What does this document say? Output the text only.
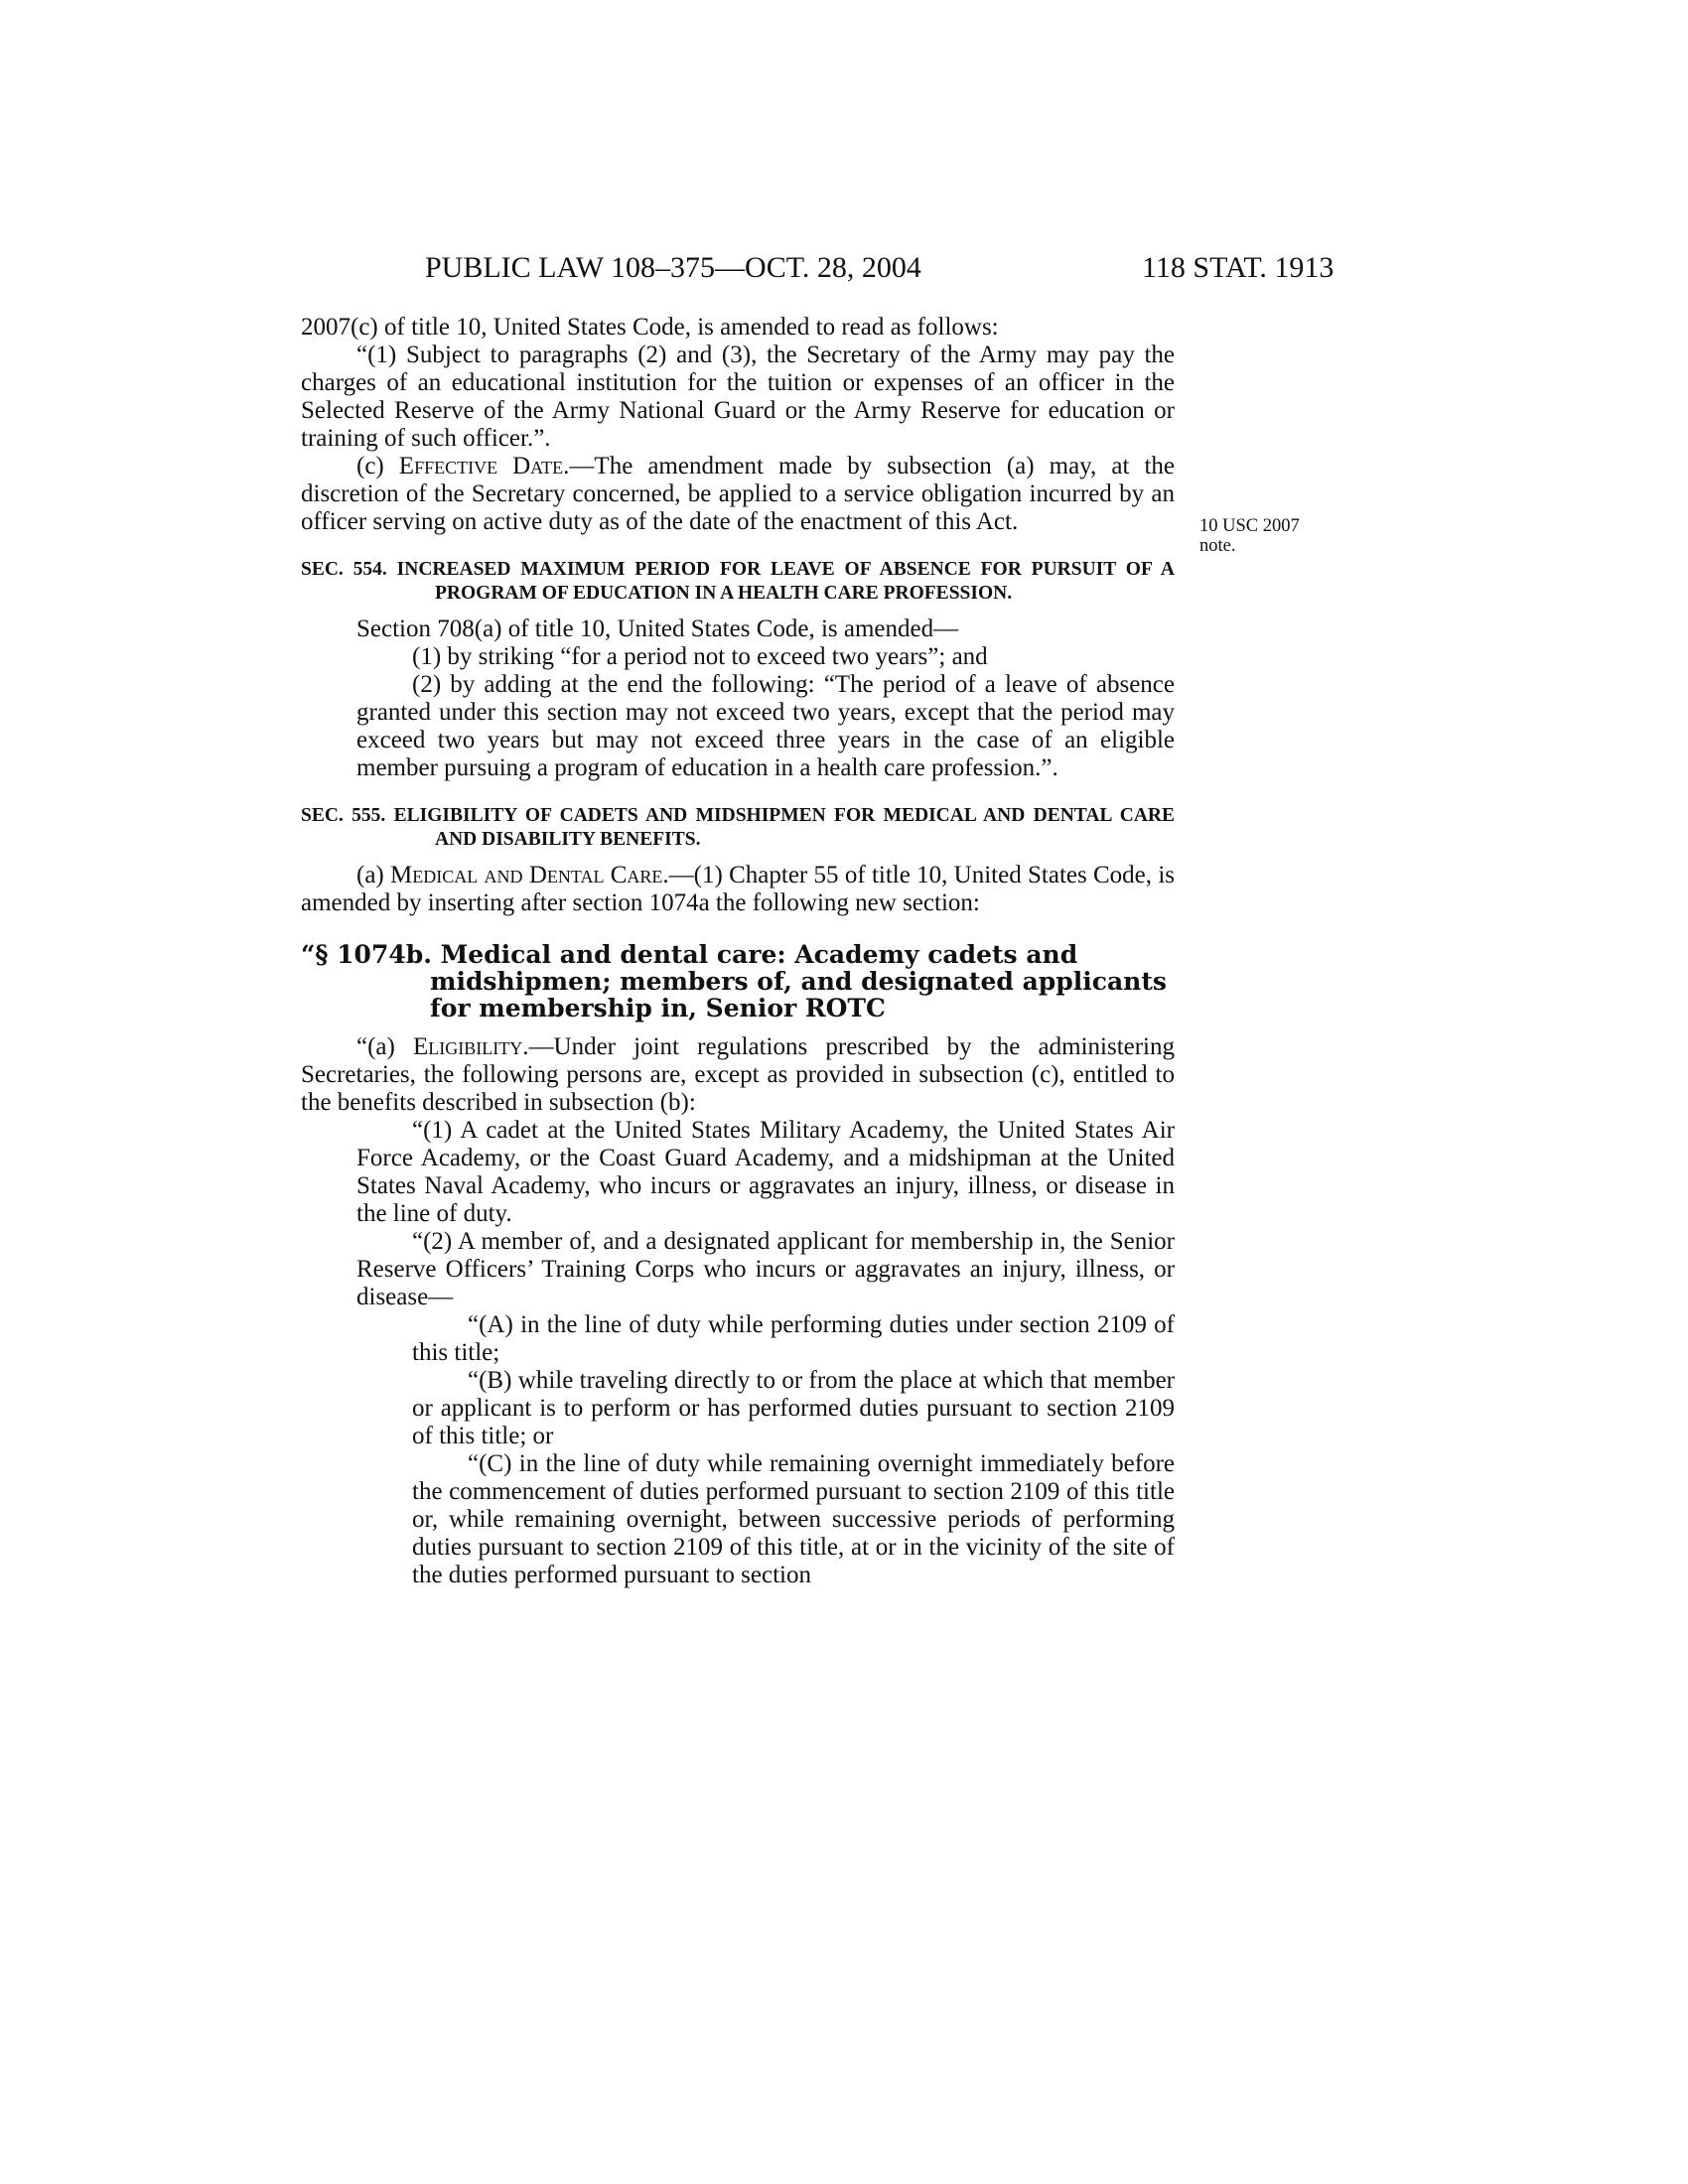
PUBLIC LAW 108–375—OCT. 28, 2004	118 STAT. 1913
10 USC 2007
note.

2007(c) of title 10, United States Code, is amended to read as follows:

“(1) Subject to paragraphs (2) and (3), the Secretary of the Army may pay the charges of an educational institution for the tuition or expenses of an officer in the Selected Reserve of the Army National Guard or the Army Reserve for education or training of such officer.”.

(c) Effective Date.—The amendment made by subsection (a) may, at the discretion of the Secretary concerned, be applied to a service obligation incurred by an officer serving on active duty as of the date of the enactment of this Act.

SEC. 554. INCREASED MAXIMUM PERIOD FOR LEAVE OF ABSENCE FOR PURSUIT OF A PROGRAM OF EDUCATION IN A HEALTH CARE PROFESSION.

Section 708(a) of title 10, United States Code, is amended—

(1) by striking “for a period not to exceed two years”; and

(2) by adding at the end the following: “The period of a leave of absence granted under this section may not exceed two years, except that the period may exceed two years but may not exceed three years in the case of an eligible member pursuing a program of education in a health care profession.”.

SEC. 555. ELIGIBILITY OF CADETS AND MIDSHIPMEN FOR MEDICAL AND DENTAL CARE AND DISABILITY BENEFITS.

(a) Medical and Dental Care.—(1) Chapter 55 of title 10, United States Code, is amended by inserting after section 1074a the following new section:

“§ 1074b. Medical and dental care: Academy cadets and midshipmen; members of, and designated applicants for membership in, Senior ROTC

“(a) Eligibility.—Under joint regulations prescribed by the administering Secretaries, the following persons are, except as provided in subsection (c), entitled to the benefits described in subsection (b):

“(1) A cadet at the United States Military Academy, the United States Air Force Academy, or the Coast Guard Academy, and a midshipman at the United States Naval Academy, who incurs or aggravates an injury, illness, or disease in the line of duty.

“(2) A member of, and a designated applicant for membership in, the Senior Reserve Officers’ Training Corps who incurs or aggravates an injury, illness, or disease—

“(A) in the line of duty while performing duties under section 2109 of this title;

“(B) while traveling directly to or from the place at which that member or applicant is to perform or has performed duties pursuant to section 2109 of this title; or

“(C) in the line of duty while remaining overnight immediately before the commencement of duties performed pursuant to section 2109 of this title or, while remaining overnight, between successive periods of performing duties pursuant to section 2109 of this title, at or in the vicinity of the site of the duties performed pursuant to section
